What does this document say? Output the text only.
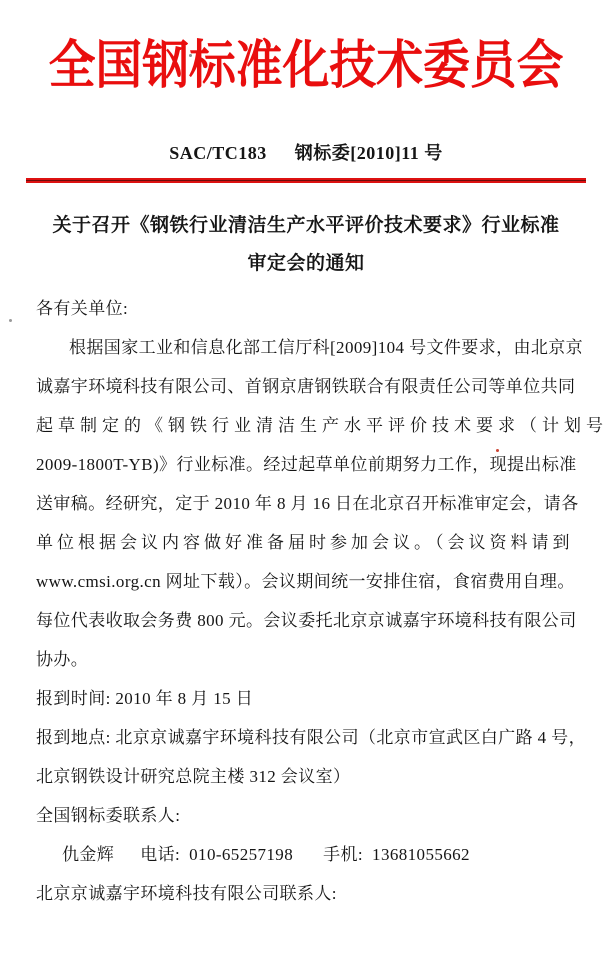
全国钢标准化技术委员会
SAC/TC183 钢标委[2010]11 号
关于召开《钢铁行业清洁生产水平评价技术要求》行业标准
审定会的通知
各有关单位:
根据国家工业和信息化部工信厅科[2009]104 号文件要求，由北京京
诚嘉宇环境科技有限公司、首钢京唐钢铁联合有限责任公司等单位共同
起草制定的《钢铁行业清洁生产水平评价技术要求（计划号
2009-1800T-YB)》行业标准。经过起草单位前期努力工作，现提出标准
送审稿。经研究，定于 2010 年 8 月 16 日在北京召开标准审定会，请各
单位根据会议内容做好准备届时参加会议。（会议资料请到
www.cmsi.org.cn 网址下载）。会议期间统一安排住宿，食宿费用自理。
每位代表收取会务费 800 元。会议委托北京京诚嘉宇环境科技有限公司
协办。
报到时间: 2010 年 8 月 15 日
报到地点: 北京京诚嘉宇环境科技有限公司（北京市宣武区白广路 4 号，
北京钢铁设计研究总院主楼 312 会议室）
全国钢标委联系人:
仇金辉 电话: 010-65257198 手机: 13681055662
北京京诚嘉宇环境科技有限公司联系人:
